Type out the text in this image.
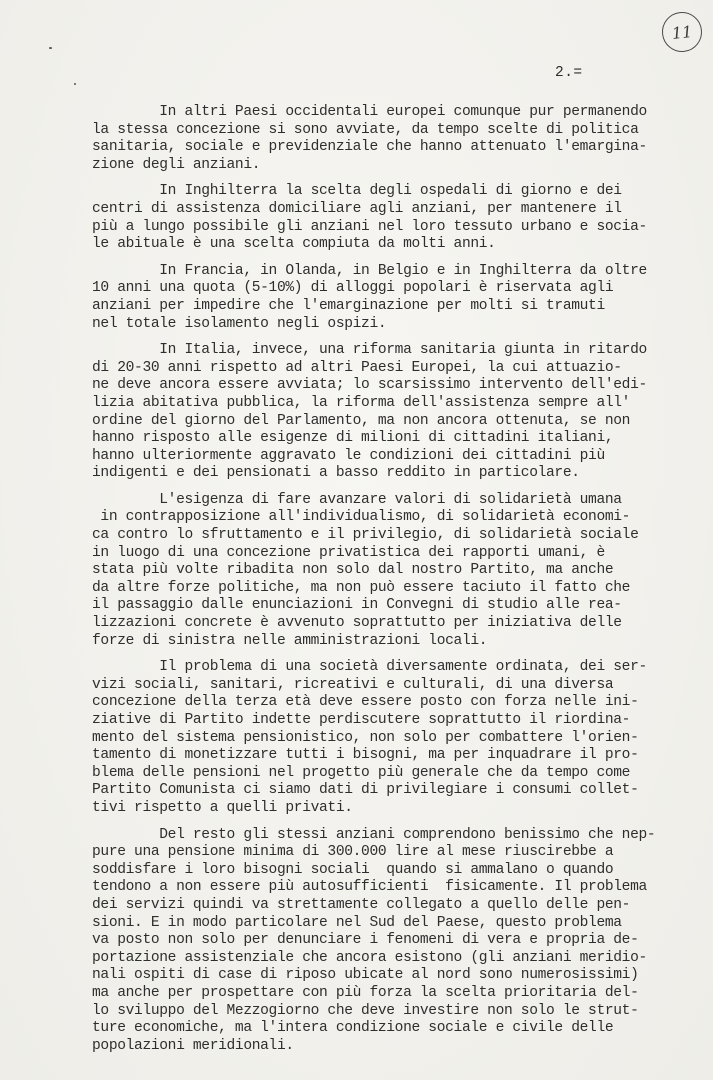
11
2.=
In altri Paesi occidentali europei comunque pur permanendo
la stessa concezione si sono avviate, da tempo scelte di politica
sanitaria, sociale e previdenziale che hanno attenuato l'emargina-
zione degli anziani.
In Inghilterra la scelta degli ospedali di giorno e dei
centri di assistenza domiciliare agli anziani, per mantenere il
più a lungo possibile gli anziani nel loro tessuto urbano e socia-
le abituale è una scelta compiuta da molti anni.
In Francia, in Olanda, in Belgio e in Inghilterra da oltre
10 anni una quota (5-10%) di alloggi popolari è riservata agli
anziani per impedire che l'emarginazione per molti si tramuti
nel totale isolamento negli ospizi.
In Italia, invece, una riforma sanitaria giunta in ritardo
di 20-30 anni rispetto ad altri Paesi Europei, la cui attuazio-
ne deve ancora essere avviata; lo scarsissimo intervento dell'edi-
lizia abitativa pubblica, la riforma dell'assistenza sempre all'
ordine del giorno del Parlamento, ma non ancora ottenuta, se non
hanno risposto alle esigenze di milioni di cittadini italiani,
hanno ulteriormente aggravato le condizioni dei cittadini più
indigenti e dei pensionati a basso reddito in particolare.
L'esigenza di fare avanzare valori di solidarietà umana
in contrapposizione all'individualismo, di solidarietà economi-
ca contro lo sfruttamento e il privilegio, di solidarietà sociale
in luogo di una concezione privatistica dei rapporti umani, è
stata più volte ribadita non solo dal nostro Partito, ma anche
da altre forze politiche, ma non può essere taciuto il fatto che
il passaggio dalle enunciazioni in Convegni di studio alle rea-
lizzazioni concrete è avvenuto soprattutto per iniziativa delle
forze di sinistra nelle amministrazioni locali.
Il problema di una società diversamente ordinata, dei ser-
vizi sociali, sanitari, ricreativi e culturali, di una diversa
concezione della terza età deve essere posto con forza nelle ini-
ziative di Partito indette perdiscutere soprattutto il riordina-
mento del sistema pensionistico, non solo per combattere l'orien-
tamento di monetizzare tutti i bisogni, ma per inquadrare il pro-
blema delle pensioni nel progetto più generale che da tempo come
Partito Comunista ci siamo dati di privilegiare i consumi collet-
tivi rispetto a quelli privati.
Del resto gli stessi anziani comprendono benissimo che nep-
pure una pensione minima di 300.000 lire al mese riuscirebbe a
soddisfare i loro bisogni sociali  quando si ammalano o quando
tendono a non essere più autosufficienti  fisicamente. Il problema
dei servizi quindi va strettamente collegato a quello delle pen-
sioni. E in modo particolare nel Sud del Paese, questo problema
va posto non solo per denunciare i fenomeni di vera e propria de-
portazione assistenziale che ancora esistono (gli anziani meridio-
nali ospiti di case di riposo ubicate al nord sono numerosissimi)
ma anche per prospettare con più forza la scelta prioritaria del-
lo sviluppo del Mezzogiorno che deve investire non solo le strut-
ture economiche, ma l'intera condizione sociale e civile delle
popolazioni meridionali.
